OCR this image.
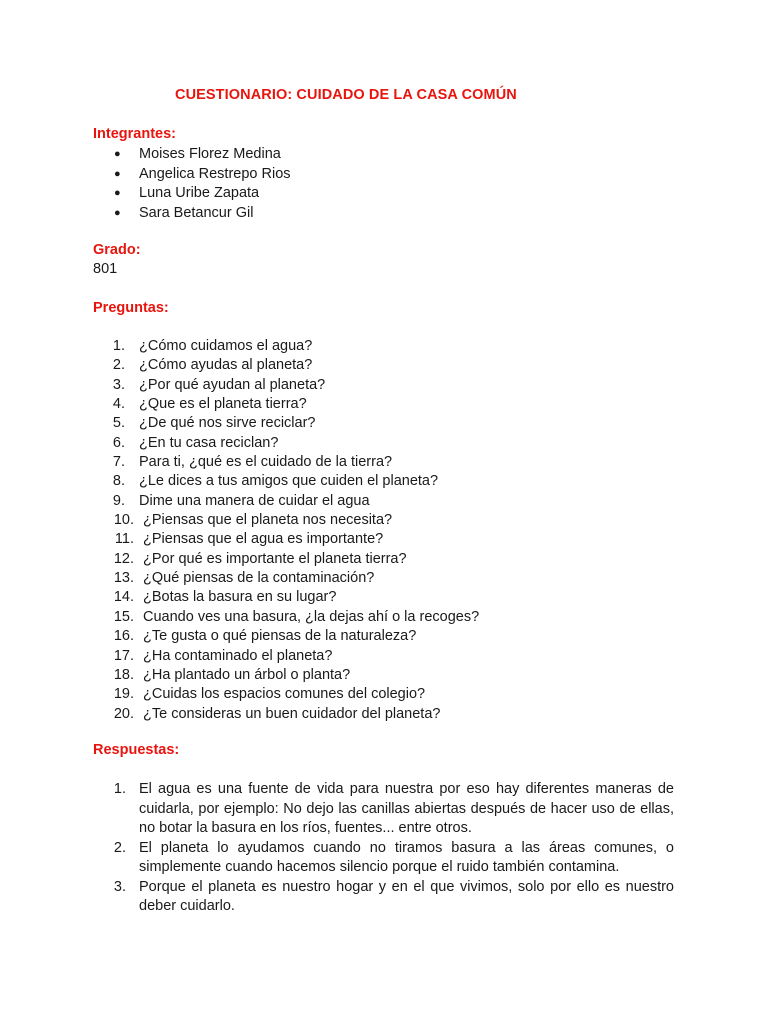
CUESTIONARIO: CUIDADO DE LA CASA COMÚN
Integrantes:
● Moises Florez Medina
● Angelica Restrepo Rios
● Luna Uribe Zapata
● Sara Betancur Gil
Grado:
801
Preguntas:
1. ¿Cómo cuidamos el agua?
2. ¿Cómo ayudas al planeta?
3. ¿Por qué ayudan al planeta?
4. ¿Que es el planeta tierra?
5. ¿De qué nos sirve reciclar?
6. ¿En tu casa reciclan?
7. Para ti, ¿qué es el cuidado de la tierra?
8. ¿Le dices a tus amigos que cuiden el planeta?
9. Dime una manera de cuidar el agua
10. ¿Piensas que el planeta nos necesita?
11. ¿Piensas que el agua es importante?
12. ¿Por qué es importante el planeta tierra?
13. ¿Qué piensas de la contaminación?
14. ¿Botas la basura en su lugar?
15. Cuando ves una basura, ¿la dejas ahí o la recoges?
16. ¿Te gusta o qué piensas de la naturaleza?
17. ¿Ha contaminado el planeta?
18. ¿Ha plantado un árbol o planta?
19. ¿Cuidas los espacios comunes del colegio?
20. ¿Te consideras un buen cuidador del planeta?
Respuestas:
1. El agua es una fuente de vida para nuestra por eso hay diferentes maneras de cuidarla, por ejemplo: No dejo las canillas abiertas después de hacer uso de ellas, no botar la basura en los ríos, fuentes... entre otros.
2. El planeta lo ayudamos cuando no tiramos basura a las áreas comunes, o simplemente cuando hacemos silencio porque el ruido también contamina.
3. Porque el planeta es nuestro hogar y en el que vivimos, solo por ello es nuestro deber cuidarlo.
